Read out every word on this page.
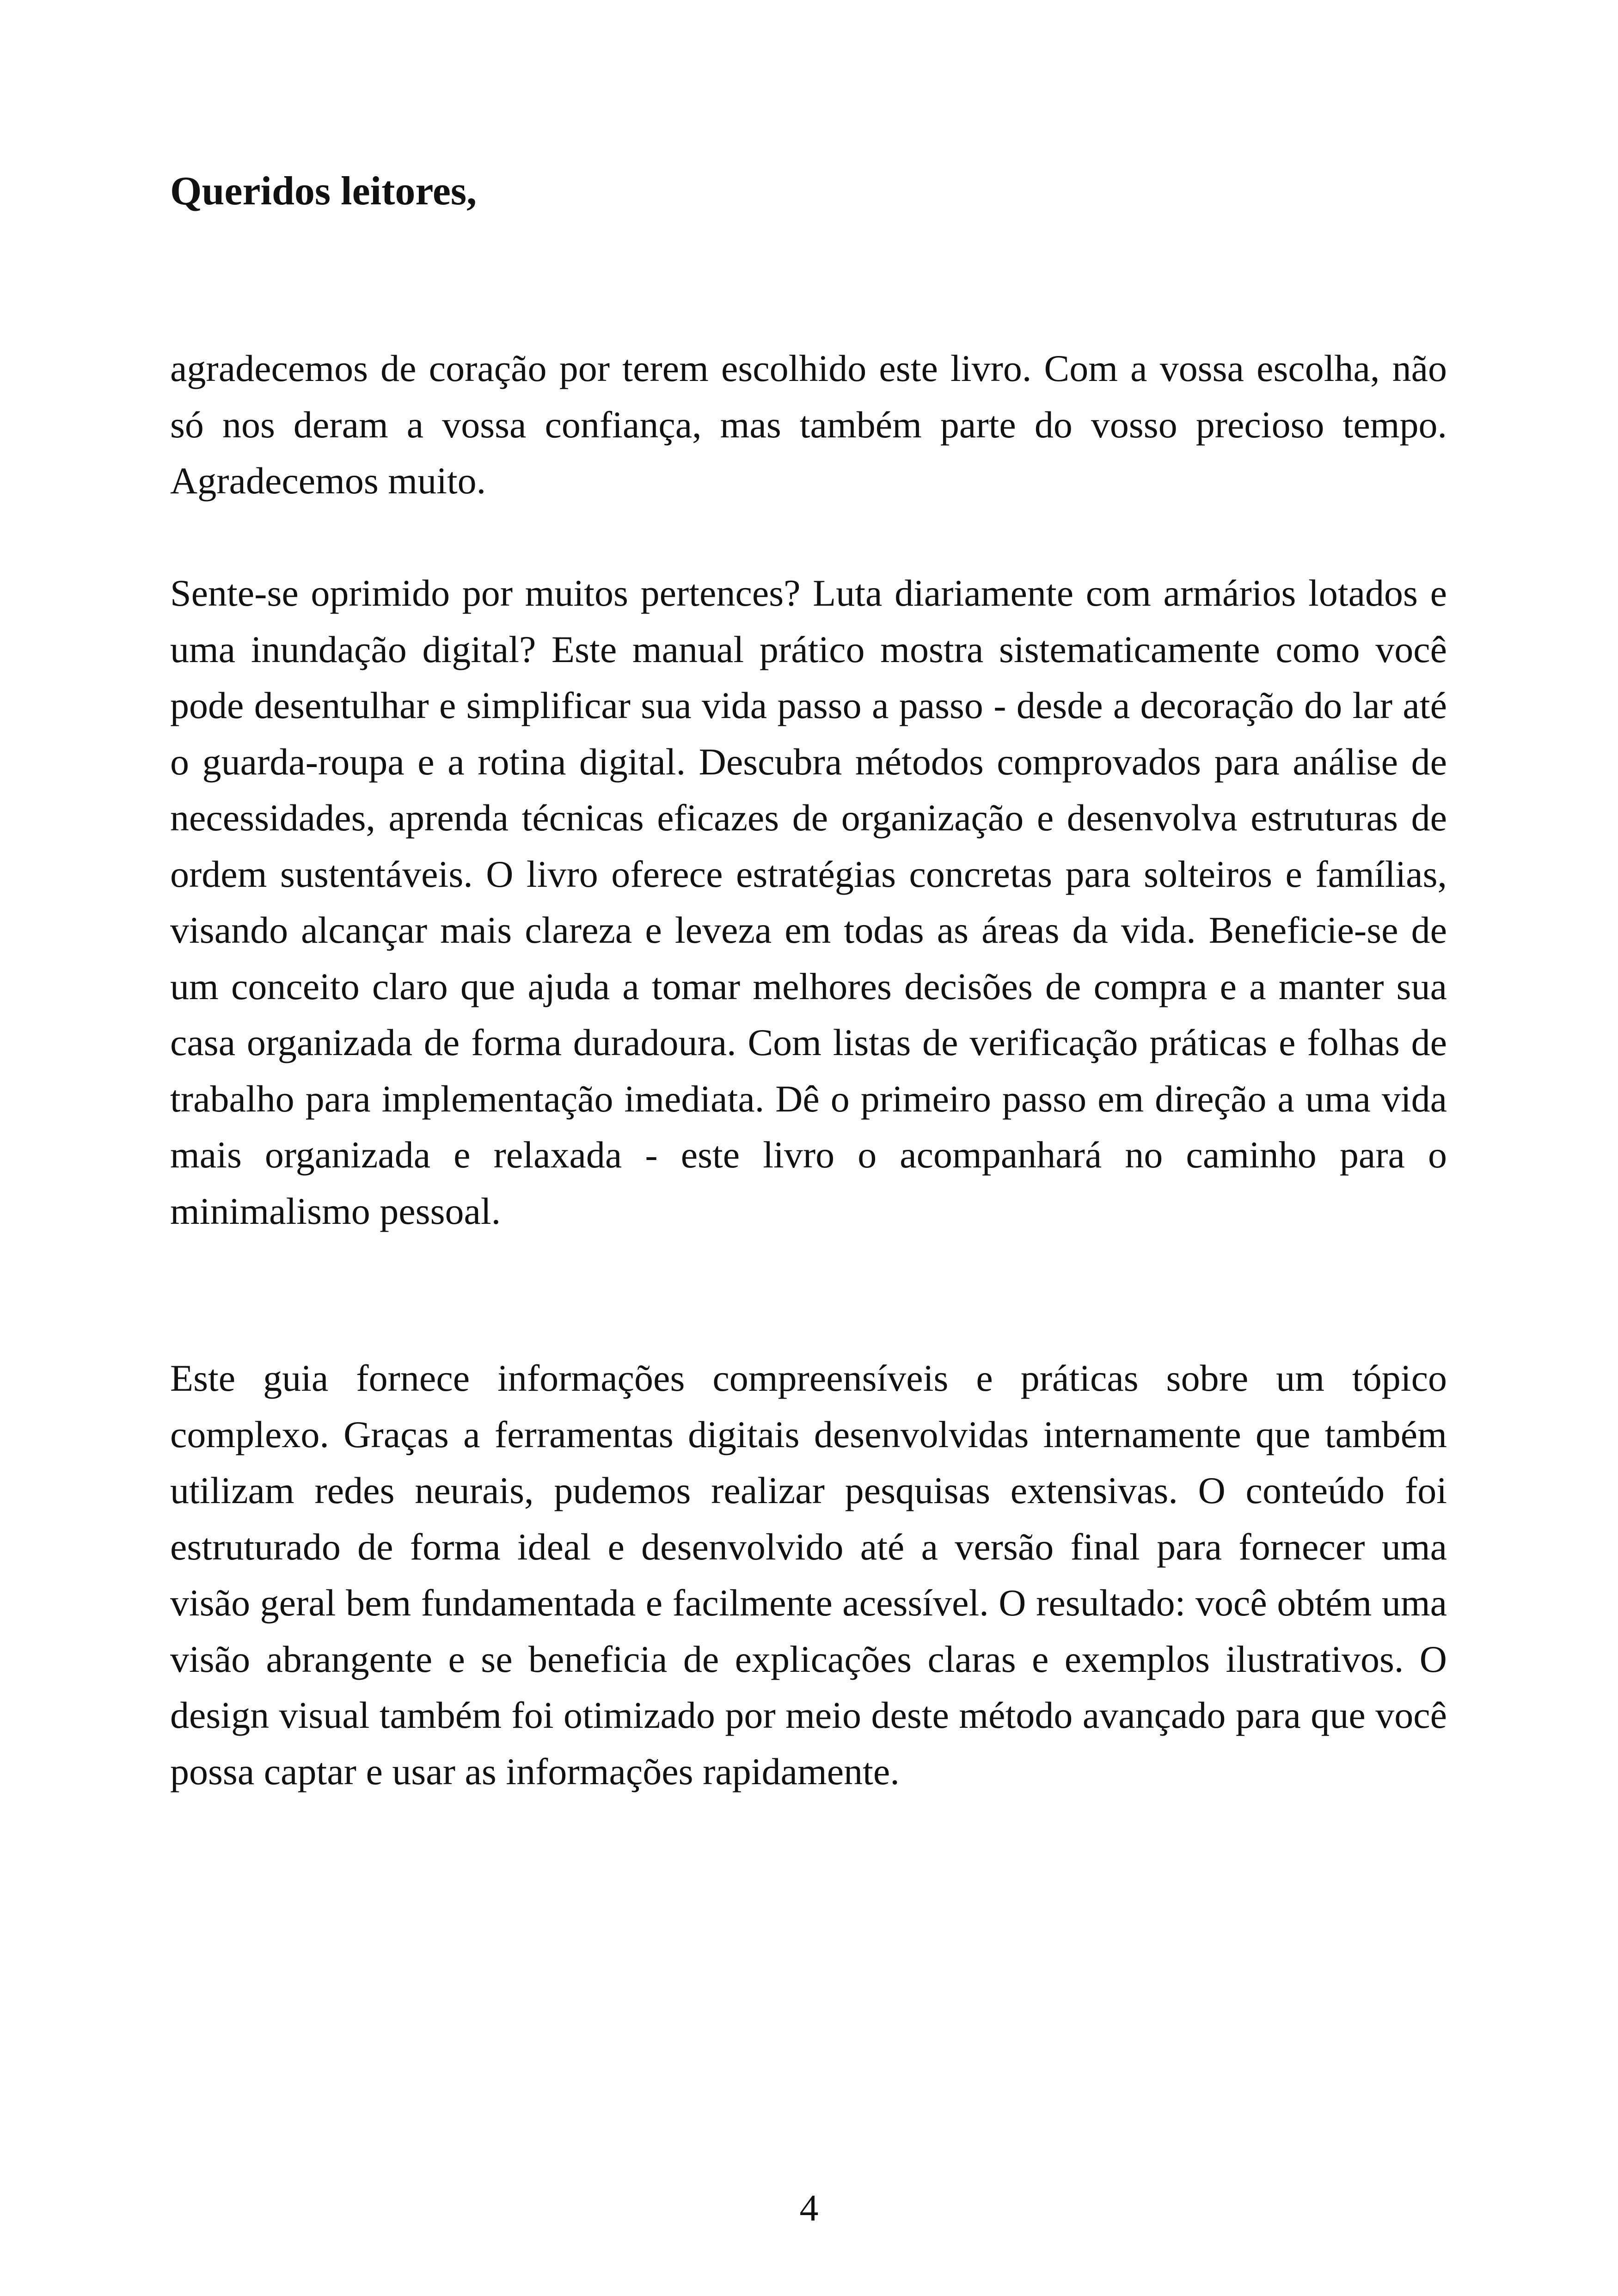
Queridos leitores,

agradecemos de coração por terem escolhido este livro. Com a vossa escolha, não só nos deram a vossa confiança, mas também parte do vosso precioso tempo. Agradecemos muito.

Sente-se oprimido por muitos pertences? Luta diariamente com armários lotados e uma inundação digital? Este manual prático mostra sistematicamente como você pode desentulhar e simplificar sua vida passo a passo - desde a decoração do lar até o guarda-roupa e a rotina digital. Descubra métodos comprovados para análise de necessidades, aprenda técnicas eficazes de organização e desenvolva estruturas de ordem sustentáveis. O livro oferece estratégias concretas para solteiros e famílias, visando alcançar mais clareza e leveza em todas as áreas da vida. Beneficie-se de um conceito claro que ajuda a tomar melhores decisões de compra e a manter sua casa organizada de forma duradoura. Com listas de verificação práticas e folhas de trabalho para implementação imediata. Dê o primeiro passo em direção a uma vida mais organizada e relaxada - este livro o acompanhará no caminho para o minimalismo pessoal.

Este guia fornece informações compreensíveis e práticas sobre um tópico complexo. Graças a ferramentas digitais desenvolvidas internamente que também utilizam redes neurais, pudemos realizar pesquisas extensivas. O conteúdo foi estruturado de forma ideal e desenvolvido até a versão final para fornecer uma visão geral bem fundamentada e facilmente acessível. O resultado: você obtém uma visão abrangente e se beneficia de explicações claras e exemplos ilustrativos. O design visual também foi otimizado por meio deste método avançado para que você possa captar e usar as informações rapidamente.

4
